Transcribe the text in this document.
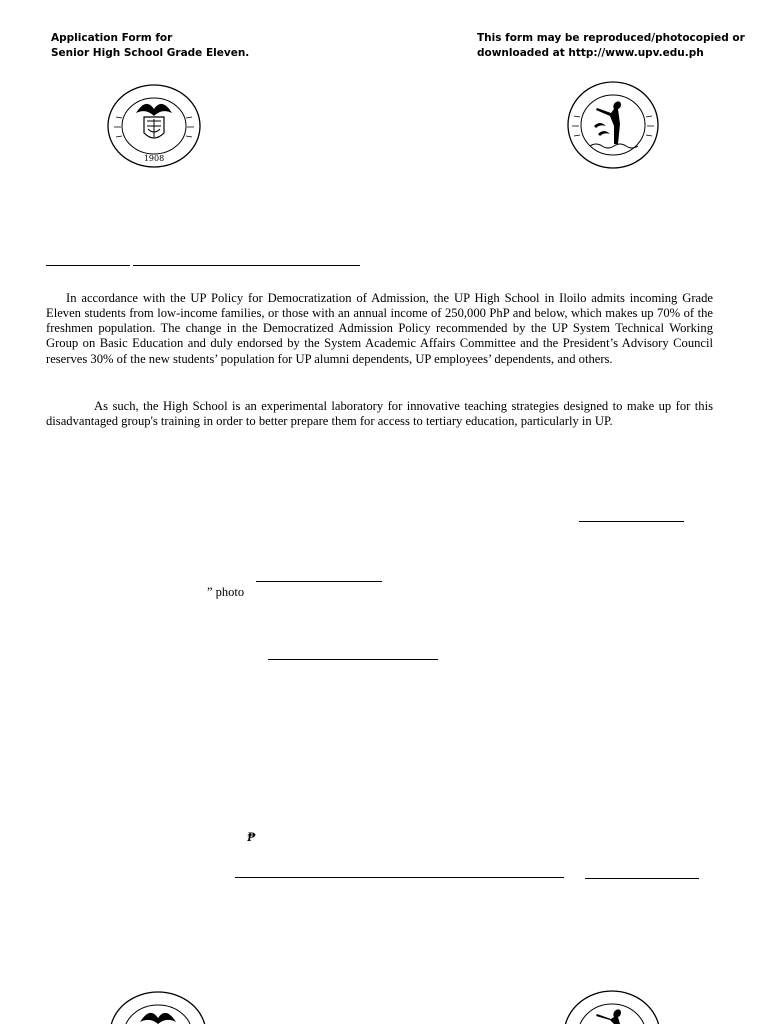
Application Form for
Senior High School Grade Eleven.
This form may be reproduced/photocopied or
downloaded at http://www.upv.edu.ph
1908

In accordance with the UP Policy for Democratization of Admission, the UP High School in Iloilo admits incoming Grade Eleven students from low-income families, or those with an annual income of 250,000 PhP and below, which makes up 70% of the freshmen population. The change in the Democratized Admission Policy recommended by the UP System Technical Working Group on Basic Education and duly endorsed by the System Academic Affairs Committee and the President’s Advisory Council reserves 30% of the new students’ population for UP alumni dependents, UP employees’ dependents, and others.

As such, the High School is an experimental laboratory for innovative teaching strategies designed to make up for this disadvantaged group's training in order to better prepare them for access to tertiary education, particularly in UP.

” photo
₱
